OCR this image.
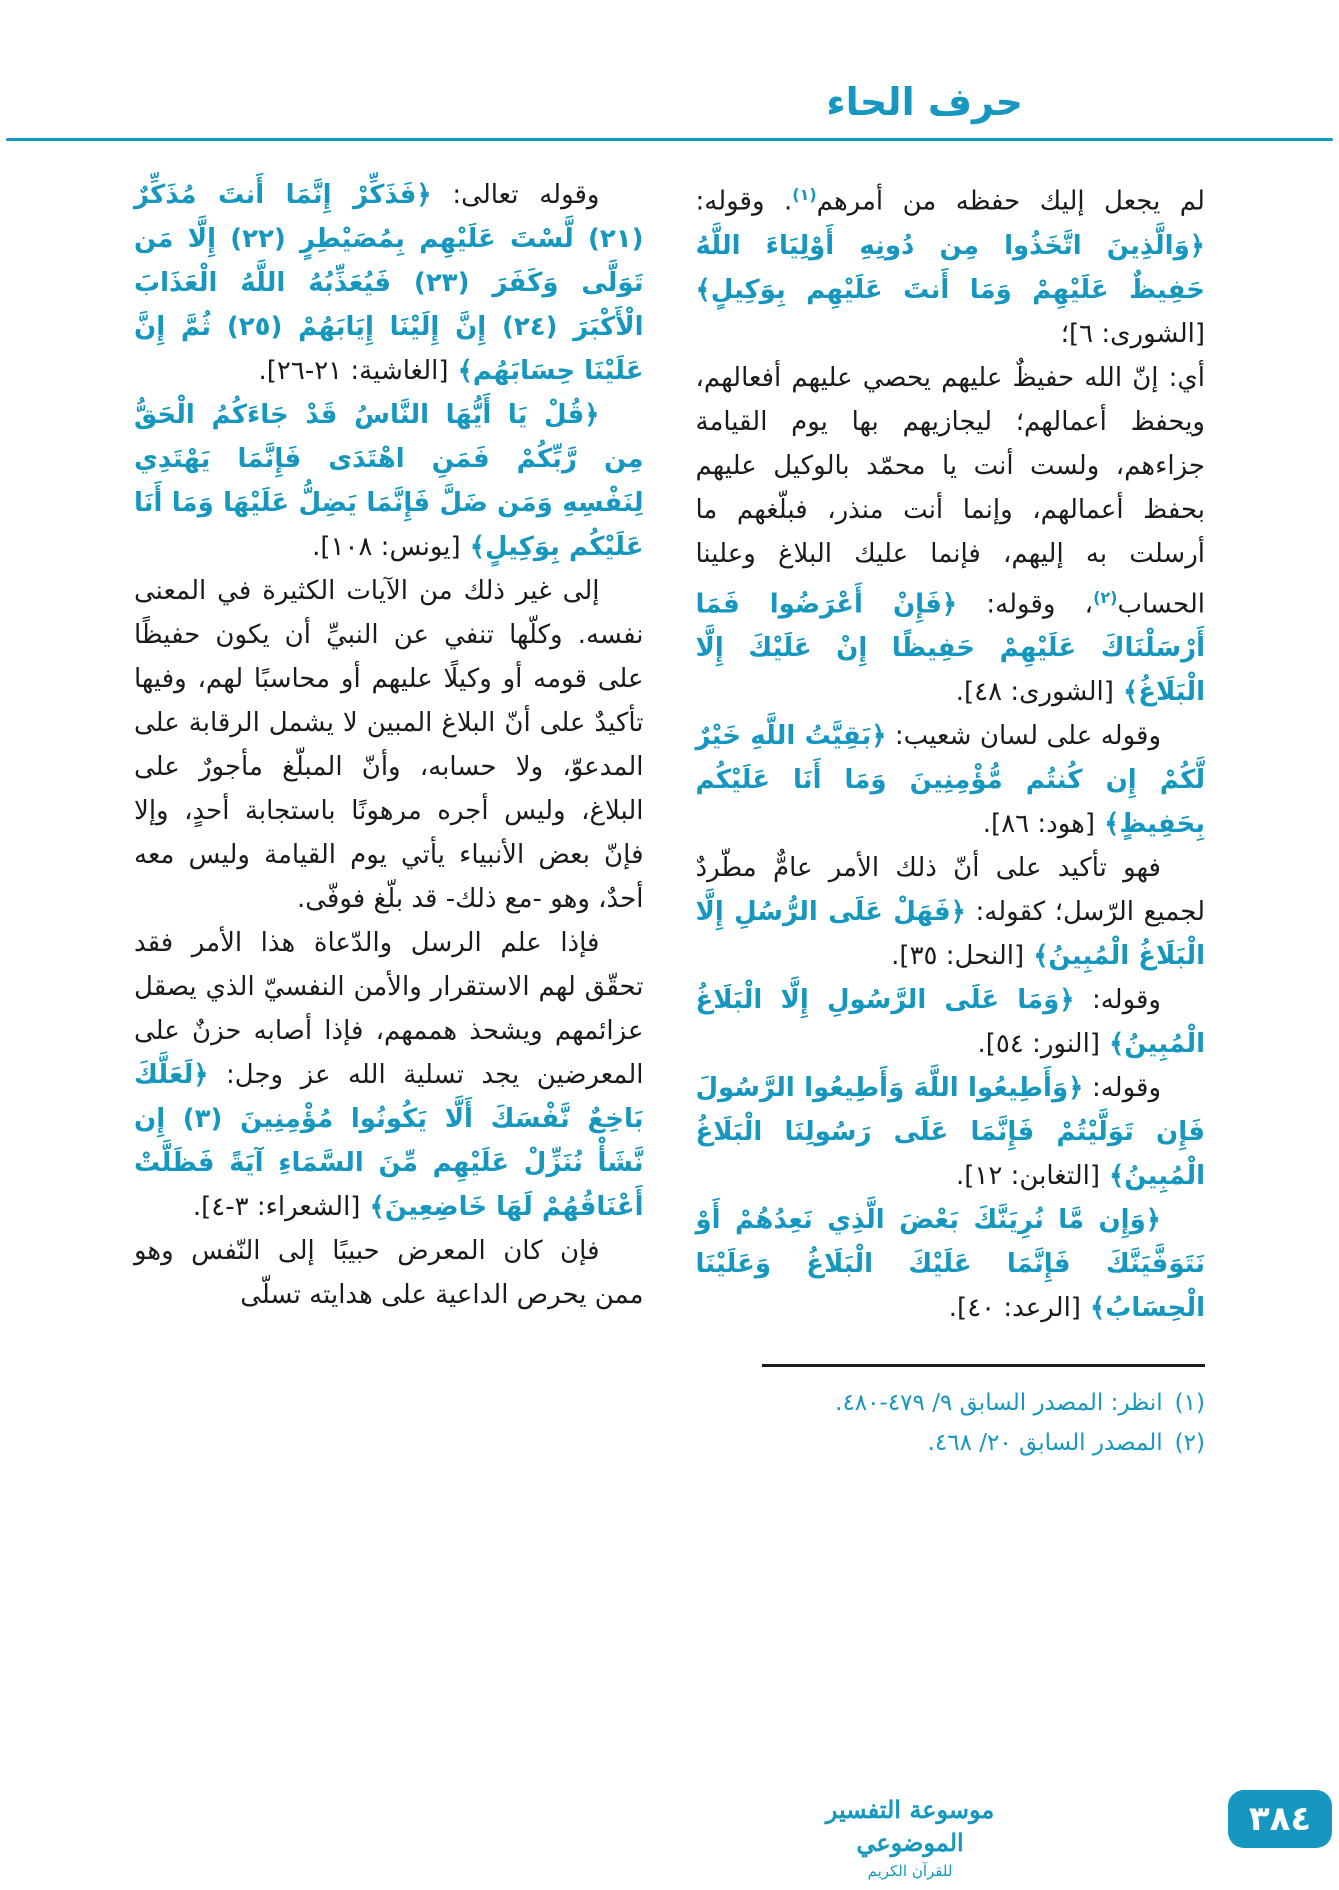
حرف الحاء

لم يجعل إليك حفظه من أمرهم$^{(١)}$. وقوله: ﴿وَالَّذِينَ اتَّخَذُوا مِن دُونِهِ أَوْلِيَاءَ اللَّهُ حَفِيظٌ عَلَيْهِمْ وَمَا أَنتَ عَلَيْهِم بِوَكِيلٍ﴾ [الشورى: ٦]؛

أي: إنّ الله حفيظٌ عليهم يحصي عليهم أفعالهم، ويحفظ أعمالهم؛ ليجازيهم بها يوم القيامة جزاءهم، ولست أنت يا محمّد بالوكيل عليهم بحفظ أعمالهم، وإنما أنت منذر، فبلّغهم ما أرسلت به إليهم، فإنما عليك البلاغ وعلينا الحساب$^{(٢)}$، وقوله: ﴿فَإِنْ أَعْرَضُوا فَمَا أَرْسَلْنَاكَ عَلَيْهِمْ حَفِيظًا إِنْ عَلَيْكَ إِلَّا الْبَلَاغُ﴾ [الشورى: ٤٨].

وقوله على لسان شعيب: ﴿بَقِيَّتُ اللَّهِ خَيْرٌ لَّكُمْ إِن كُنتُم مُّؤْمِنِينَ وَمَا أَنَا عَلَيْكُم بِحَفِيظٍ﴾ [هود: ٨٦].

فهو تأكيد على أنّ ذلك الأمر عامٌّ مطّردٌ لجميع الرّسل؛ كقوله: ﴿فَهَلْ عَلَى الرُّسُلِ إِلَّا الْبَلَاغُ الْمُبِينُ﴾ [النحل: ٣٥].

وقوله: ﴿وَمَا عَلَى الرَّسُولِ إِلَّا الْبَلَاغُ الْمُبِينُ﴾ [النور: ٥٤].

وقوله: ﴿وَأَطِيعُوا اللَّهَ وَأَطِيعُوا الرَّسُولَ فَإِن تَوَلَّيْتُمْ فَإِنَّمَا عَلَى رَسُولِنَا الْبَلَاغُ الْمُبِينُ﴾ [التغابن: ١٢].

﴿وَإِن مَّا نُرِيَنَّكَ بَعْضَ الَّذِي نَعِدُهُمْ أَوْ نَتَوَفَّيَنَّكَ فَإِنَّمَا عَلَيْكَ الْبَلَاغُ وَعَلَيْنَا الْحِسَابُ﴾ [الرعد: ٤٠].

(١)
انظر: المصدر السابق ٩/ ٤٧٩-٤٨٠.
(٢)
المصدر السابق ٢٠/ ٤٦٨.

وقوله تعالى: ﴿فَذَكِّرْ إِنَّمَا أَنتَ مُذَكِّرٌ (٢١) لَّسْتَ عَلَيْهِم بِمُصَيْطِرٍ (٢٢) إِلَّا مَن تَوَلَّى وَكَفَرَ (٢٣) فَيُعَذِّبُهُ اللَّهُ الْعَذَابَ الْأَكْبَرَ (٢٤) إِنَّ إِلَيْنَا إِيَابَهُمْ (٢٥) ثُمَّ إِنَّ عَلَيْنَا حِسَابَهُم﴾ [الغاشية: ٢١-٢٦].

﴿قُلْ يَا أَيُّهَا النَّاسُ قَدْ جَاءَكُمُ الْحَقُّ مِن رَّبِّكُمْ فَمَنِ اهْتَدَى فَإِنَّمَا يَهْتَدِي لِنَفْسِهِ وَمَن ضَلَّ فَإِنَّمَا يَضِلُّ عَلَيْهَا وَمَا أَنَا عَلَيْكُم بِوَكِيلٍ﴾ [يونس: ١٠٨].

إلى غير ذلك من الآيات الكثيرة في المعنى نفسه. وكلّها تنفي عن النبيِّ أن يكون حفيظًا على قومه أو وكيلًا عليهم أو محاسبًا لهم، وفيها تأكيدٌ على أنّ البلاغ المبين لا يشمل الرقابة على المدعوّ، ولا حسابه، وأنّ المبلّغ مأجورٌ على البلاغ، وليس أجره مرهونًا باستجابة أحدٍ، وإلا فإنّ بعض الأنبياء يأتي يوم القيامة وليس معه أحدٌ، وهو -مع ذلك- قد بلّغ فوفّى.

فإذا علم الرسل والدّعاة هذا الأمر فقد تحقّق لهم الاستقرار والأمن النفسيّ الذي يصقل عزائمهم ويشحذ هممهم، فإذا أصابه حزنٌ على المعرضين يجد تسلية الله عز وجل: ﴿لَعَلَّكَ بَاخِعٌ نَّفْسَكَ أَلَّا يَكُونُوا مُؤْمِنِينَ (٣) إِن نَّشَأْ نُنَزِّلْ عَلَيْهِم مِّنَ السَّمَاءِ آيَةً فَظَلَّتْ أَعْنَاقُهُمْ لَهَا خَاضِعِينَ﴾ [الشعراء: ٣-٤].

فإن كان المعرض حبيبًا إلى النّفس وهو ممن يحرص الداعية على هدايته تسلّى

موسوعة التفسير الموضوعي
للقرآن الكريم
٣٨٤
